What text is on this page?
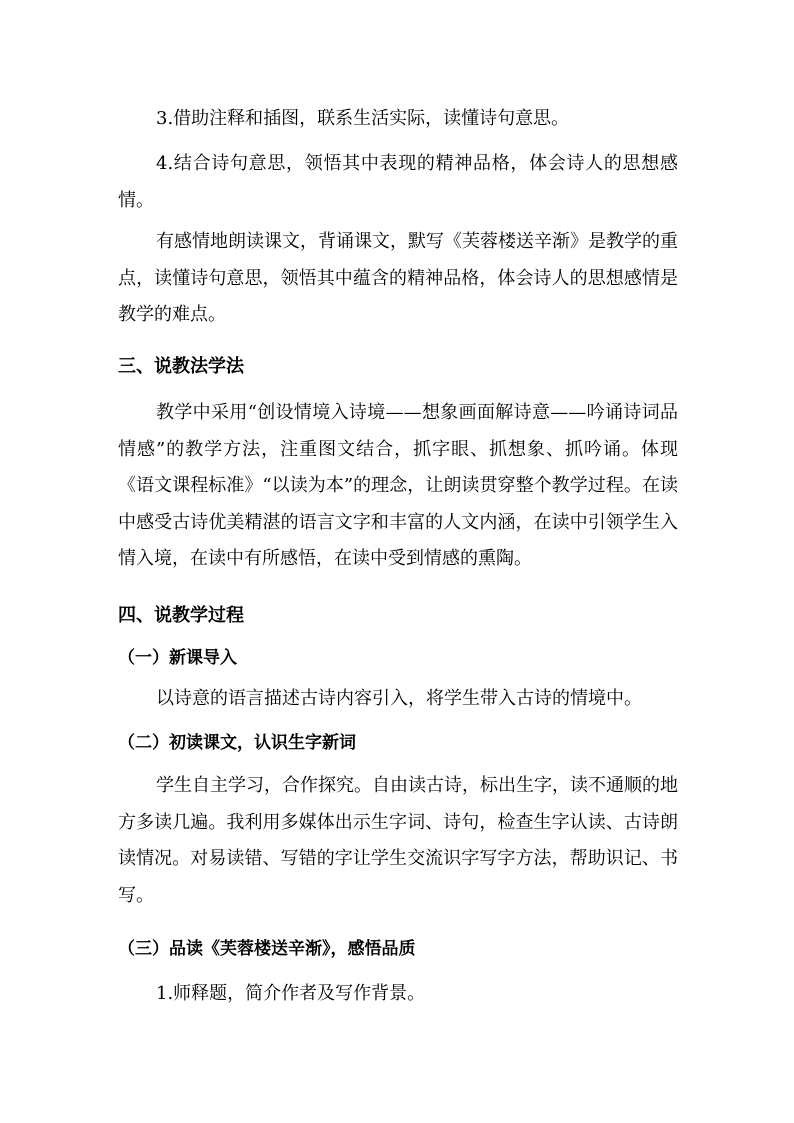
3.借助注释和插图，联系生活实际，读懂诗句意思。

4.结合诗句意思，领悟其中表现的精神品格，体会诗人的思想感情。

有感情地朗读课文，背诵课文，默写《芙蓉楼送辛渐》是教学的重点，读懂诗句意思，领悟其中蕴含的精神品格，体会诗人的思想感情是教学的难点。

三、说教法学法

教学中采用“创设情境入诗境——想象画面解诗意——吟诵诗词品情感”的教学方法，注重图文结合，抓字眼、抓想象、抓吟诵。体现《语文课程标准》“以读为本”的理念，让朗读贯穿整个教学过程。在读中感受古诗优美精湛的语言文字和丰富的人文内涵，在读中引领学生入情入境，在读中有所感悟，在读中受到情感的熏陶。

四、说教学过程
（一）新课导入

以诗意的语言描述古诗内容引入，将学生带入古诗的情境中。

（二）初读课文，认识生字新词

学生自主学习，合作探究。自由读古诗，标出生字，读不通顺的地方多读几遍。我利用多媒体出示生字词、诗句，检查生字认读、古诗朗读情况。对易读错、写错的字让学生交流识字写字方法，帮助识记、书写。

（三）品读《芙蓉楼送辛渐》，感悟品质

1.师释题，简介作者及写作背景。
